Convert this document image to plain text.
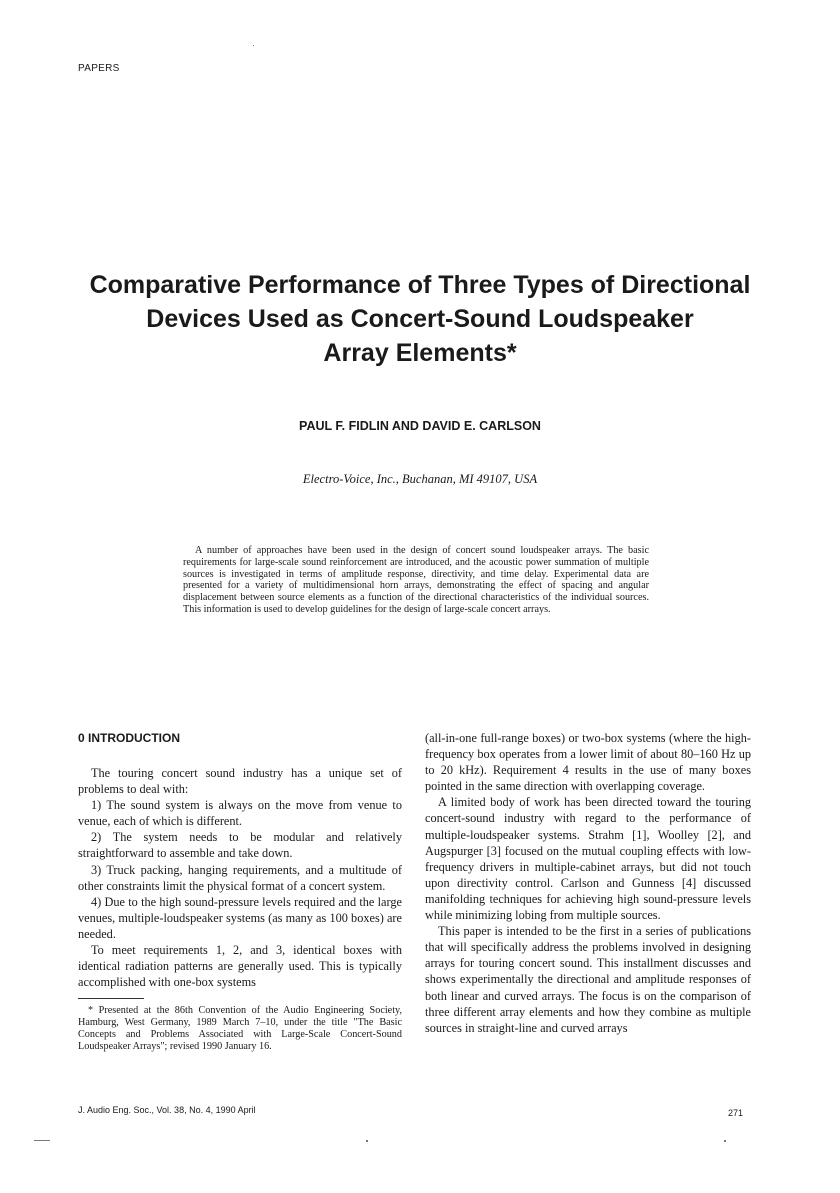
PAPERS
Comparative Performance of Three Types of Directional
Devices Used as Concert-Sound Loudspeaker
Array Elements*
PAUL F. FIDLIN AND DAVID E. CARLSON
Electro-Voice, Inc., Buchanan, MI 49107, USA

A number of approaches have been used in the design of concert sound loudspeaker arrays. The basic requirements for large-scale sound reinforcement are introduced, and the acoustic power summation of multiple sources is investigated in terms of amplitude response, directivity, and time delay. Experimental data are presented for a variety of multidimensional horn arrays, demonstrating the effect of spacing and angular displacement between source elements as a function of the directional characteristics of the individual sources. This information is used to develop guidelines for the design of large-scale concert arrays.

0 INTRODUCTION

The touring concert sound industry has a unique set of problems to deal with:

1) The sound system is always on the move from venue to venue, each of which is different.

2) The system needs to be modular and relatively straightforward to assemble and take down.

3) Truck packing, hanging requirements, and a multitude of other constraints limit the physical format of a concert system.

4) Due to the high sound-pressure levels required and the large venues, multiple-loudspeaker systems (as many as 100 boxes) are needed.

To meet requirements 1, 2, and 3, identical boxes with identical radiation patterns are generally used. This is typically accomplished with one-box systems

* Presented at the 86th Convention of the Audio Engineering Society, Hamburg, West Germany, 1989 March 7–10, under the title "The Basic Concepts and Problems Associated with Large-Scale Concert-Sound Loudspeaker Arrays"; revised 1990 January 16.

(all-in-one full-range boxes) or two-box systems (where the high-frequency box operates from a lower limit of about 80–160 Hz up to 20 kHz). Requirement 4 results in the use of many boxes pointed in the same direction with overlapping coverage.

A limited body of work has been directed toward the touring concert-sound industry with regard to the performance of multiple-loudspeaker systems. Strahm [1], Woolley [2], and Augspurger [3] focused on the mutual coupling effects with low-frequency drivers in multiple-cabinet arrays, but did not touch upon directivity control. Carlson and Gunness [4] discussed manifolding techniques for achieving high sound-pressure levels while minimizing lobing from multiple sources.

This paper is intended to be the first in a series of publications that will specifically address the problems involved in designing arrays for touring concert sound. This installment discusses and shows experimentally the directional and amplitude responses of both linear and curved arrays. The focus is on the comparison of three different array elements and how they combine as multiple sources in straight-line and curved arrays

J. Audio Eng. Soc., Vol. 38, No. 4, 1990 April	271
